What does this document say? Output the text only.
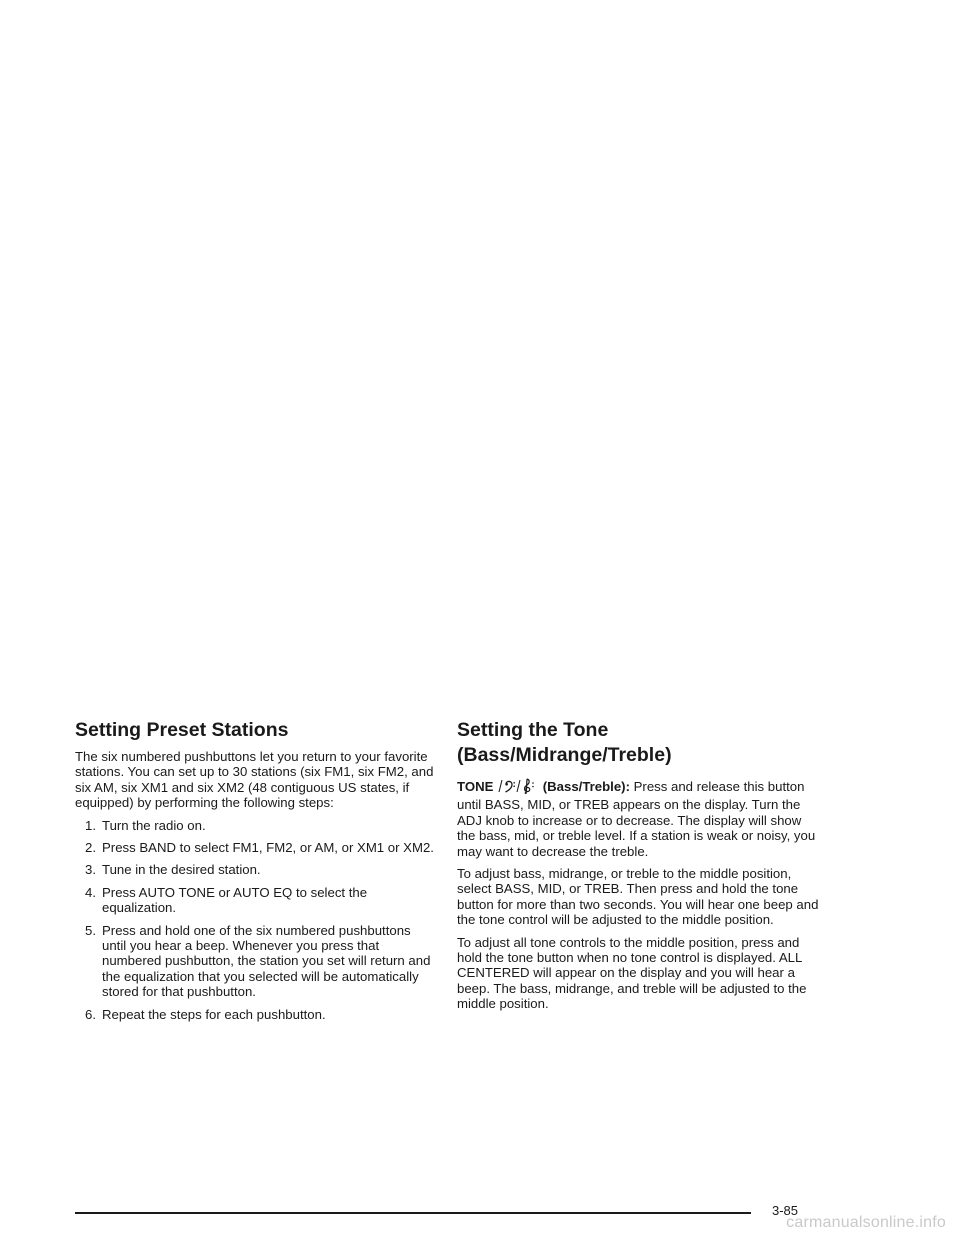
Setting Preset Stations

The six numbered pushbuttons let you return to your favorite stations. You can set up to 30 stations (six FM1, six FM2, and six AM, six XM1 and six XM2 (48 contiguous US states, if equipped) by performing the following steps:

1. Turn the radio on.
2. Press BAND to select FM1, FM2, or AM, or XM1 or XM2.
3. Tune in the desired station.
4. Press AUTO TONE or AUTO EQ to select the equalization.
5. Press and hold one of the six numbered pushbuttons until you hear a beep. Whenever you press that numbered pushbutton, the station you set will return and the equalization that you selected will be automatically stored for that pushbutton.
6. Repeat the steps for each pushbutton.
Setting the Tone (Bass/Midrange/Treble)

TONE	(Bass/Treble): Press and release this button until BASS, MID, or TREB appears on the display. Turn the ADJ knob to increase or to decrease. The display will show the bass, mid, or treble level. If a station is weak or noisy, you may want to decrease the treble.

To adjust bass, midrange, or treble to the middle position, select BASS, MID, or TREB. Then press and hold the tone button for more than two seconds. You will hear one beep and the tone control will be adjusted to the middle position.

To adjust all tone controls to the middle position, press and hold the tone button when no tone control is displayed. ALL CENTERED will appear on the display and you will hear a beep. The bass, midrange, and treble will be adjusted to the middle position.

3-85
carmanualsonline.info
